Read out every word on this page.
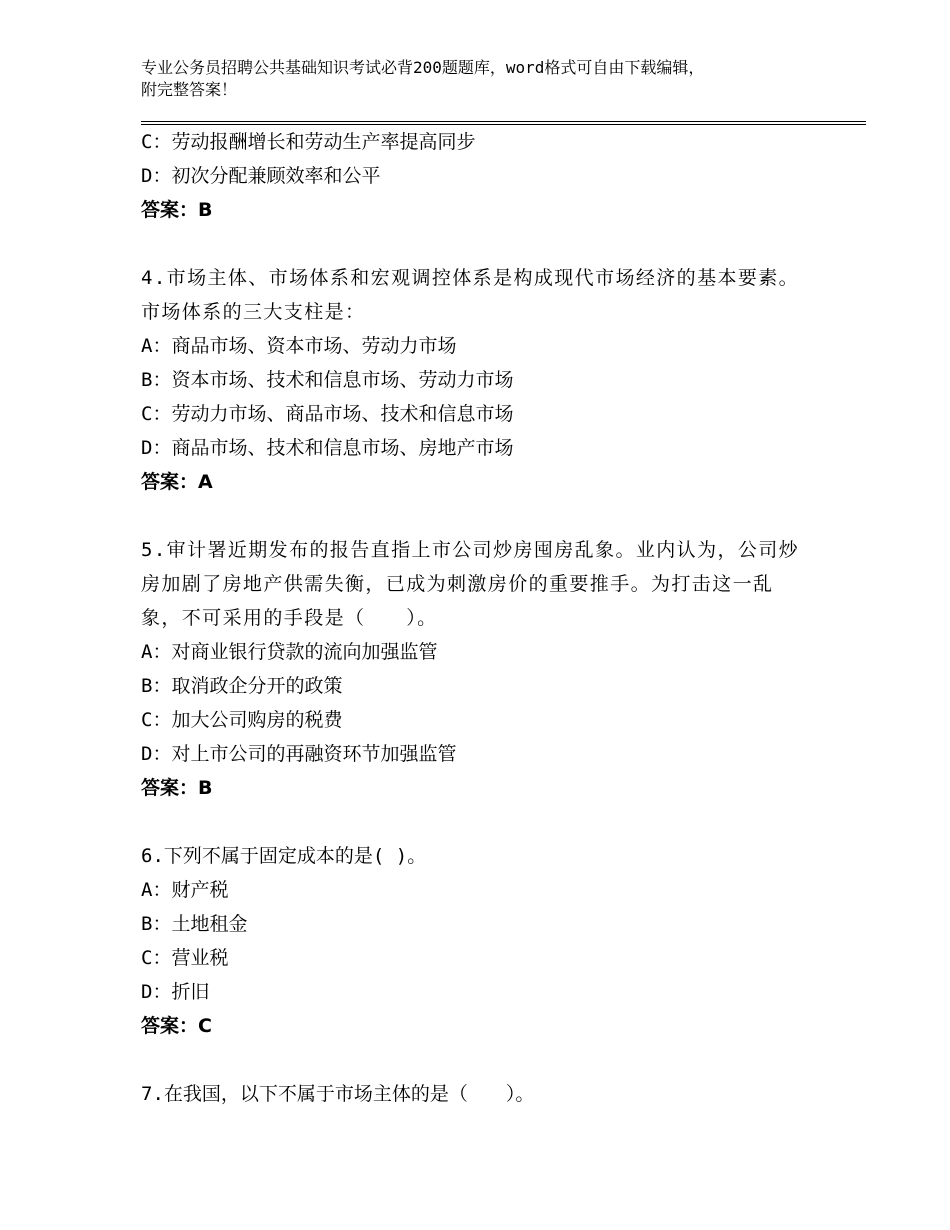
专业公务员招聘公共基础知识考试必背200题题库，word格式可自由下载编辑，
附完整答案！
C：劳动报酬增长和劳动生产率提高同步
D：初次分配兼顾效率和公平
答案：B
4.市场主体、市场体系和宏观调控体系是构成现代市场经济的基本要素。市场体系的三大支柱是：
A：商品市场、资本市场、劳动力市场
B：资本市场、技术和信息市场、劳动力市场
C：劳动力市场、商品市场、技术和信息市场
D：商品市场、技术和信息市场、房地产市场
答案：A
5.审计署近期发布的报告直指上市公司炒房囤房乱象。业内认为，公司炒房加剧了房地产供需失衡，已成为刺激房价的重要推手。为打击这一乱象，不可采用的手段是（　　）。
A：对商业银行贷款的流向加强监管
B：取消政企分开的政策
C：加大公司购房的税费
D：对上市公司的再融资环节加强监管
答案：B
6.下列不属于固定成本的是( )。
A：财产税
B：土地租金
C：营业税
D：折旧
答案：C
7.在我国，以下不属于市场主体的是（　　）。
